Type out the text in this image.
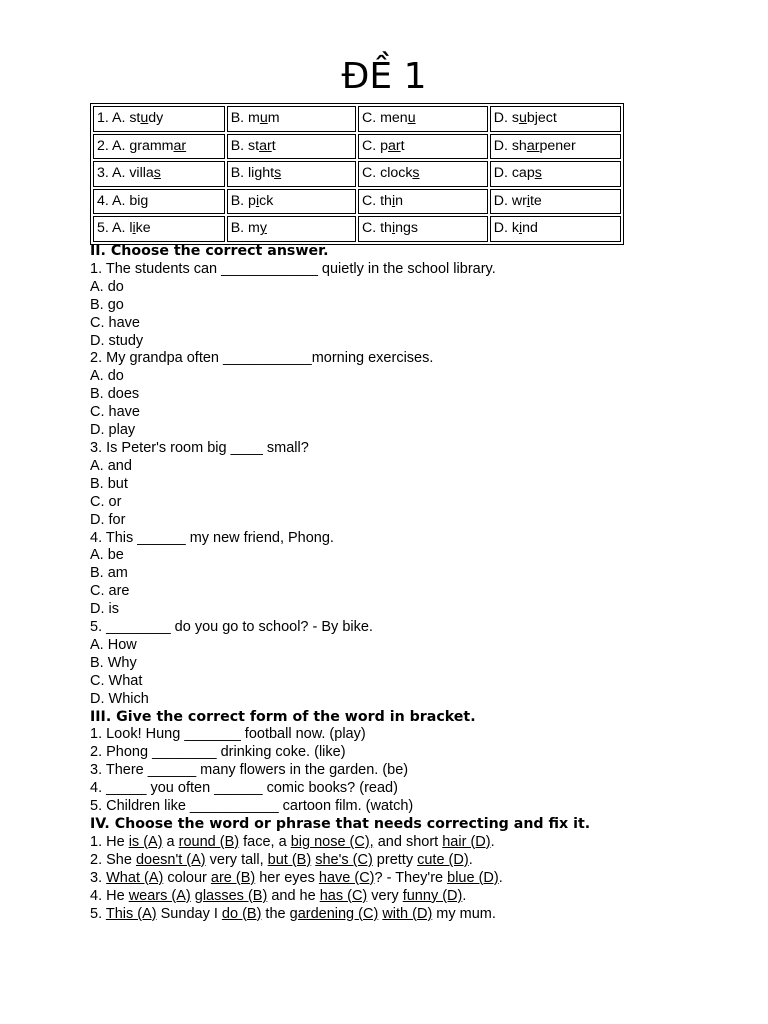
ĐỀ 1
1. A. study	B. mum	C. menu	D. subject
2. A. grammar	B. start	C. part	D. sharpener
3. A. villas	B. lights	C. clocks	D. caps
4. A. big	B. pick	C. thin	D. write
5. A. like	B. my	C. things	D. kind
II. Choose the correct answer.
1. The students can ____________ quietly in the school library.
A. do
B. go
C. have
D. study
2. My grandpa often ___________morning exercises.
A. do
B. does
C. have
D. play
3. Is Peter's room big ____ small?
A. and
B. but
C. or
D. for
4. This ______ my new friend, Phong.
A. be
B. am
C. are
D. is
5. ________ do you go to school? - By bike.
A. How
B. Why
C. What
D. Which
III. Give the correct form of the word in bracket.
1. Look! Hung _______ football now. (play)
2. Phong ________ drinking coke. (like)
3. There ______ many flowers in the garden. (be)
4. _____ you often ______ comic books? (read)
5. Children like ___________ cartoon film. (watch)
IV. Choose the word or phrase that needs correcting and fix it.
1. He is (A) a round (B) face, a big nose (C), and short hair (D).
2. She doesn't (A) very tall, but (B) she's (C) pretty cute (D).
3. What (A) colour are (B) her eyes have (C)? - They're blue (D).
4. He wears (A) glasses (B) and he has (C) very funny (D).
5. This (A) Sunday I do (B) the gardening (C) with (D) my mum.
